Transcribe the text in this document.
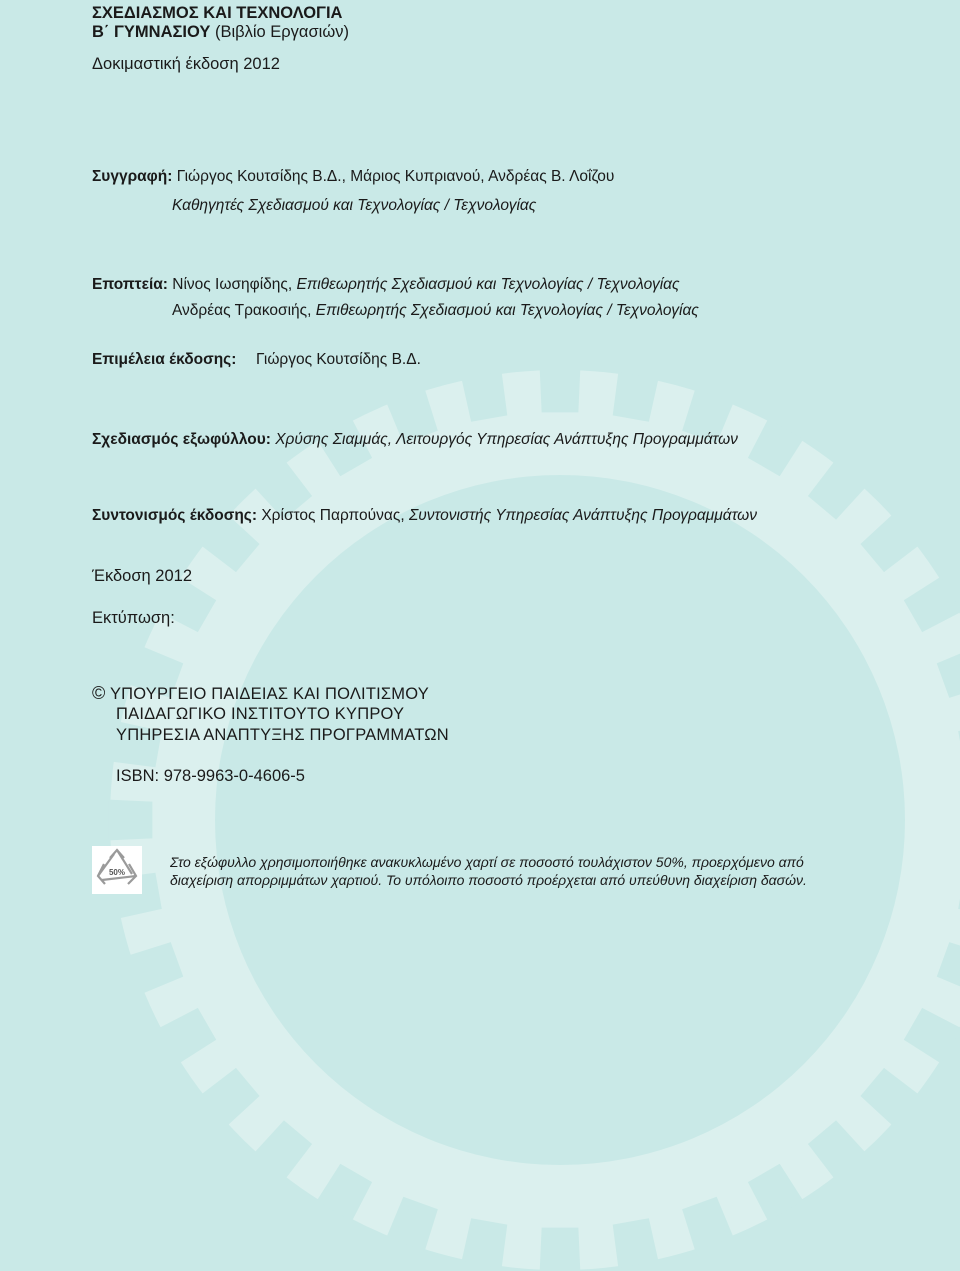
ΣΧΕΔΙΑΣΜΟΣ ΚΑΙ ΤΕΧΝΟΛΟΓΙΑ
Β΄ ΓΥΜΝΑΣΙΟΥ (Βιβλίο Εργασιών)
Δοκιμαστική έκδοση 2012
Συγγραφή: Γιώργος Κουτσίδης Β.Δ., Μάριος Κυπριανού, Ανδρέας Β. Λοΐζου
Καθηγητές Σχεδιασμού και Τεχνολογίας / Τεχνολογίας
Εποπτεία: Νίνος Ιωσηφίδης, Επιθεωρητής Σχεδιασμού και Τεχνολογίας / Τεχνολογίας
Ανδρέας Τρακοσιής, Επιθεωρητής Σχεδιασμού και Τεχνολογίας / Τεχνολογίας
Επιμέλεια έκδοσης: Γιώργος Κουτσίδης Β.Δ.
Σχεδιασμός εξωφύλλου: Χρύσης Σιαμμάς, Λειτουργός Υπηρεσίας Ανάπτυξης Προγραμμάτων
Συντονισμός έκδοσης: Χρίστος Παρπούνας, Συντονιστής Υπηρεσίας Ανάπτυξης Προγραμμάτων
Έκδοση 2012
Εκτύπωση:
© ΥΠΟΥΡΓΕΙΟ ΠΑΙΔΕΙΑΣ ΚΑΙ ΠΟΛΙΤΙΣΜΟΥ
ΠΑΙΔΑΓΩΓΙΚΟ ΙΝΣΤΙΤΟΥΤΟ ΚΥΠΡΟΥ
ΥΠΗΡΕΣΙΑ ΑΝΑΠΤΥΞΗΣ ΠΡΟΓΡΑΜΜΑΤΩΝ
ISBN: 978-9963-0-4606-5
50%
Στο εξώφυλλο χρησιμοποιήθηκε ανακυκλωμένο χαρτί σε ποσοστό τουλάχιστον 50%, προερχόμενο από
διαχείριση απορριμμάτων χαρτιού. Το υπόλοιπο ποσοστό προέρχεται από υπεύθυνη διαχείριση δασών.
